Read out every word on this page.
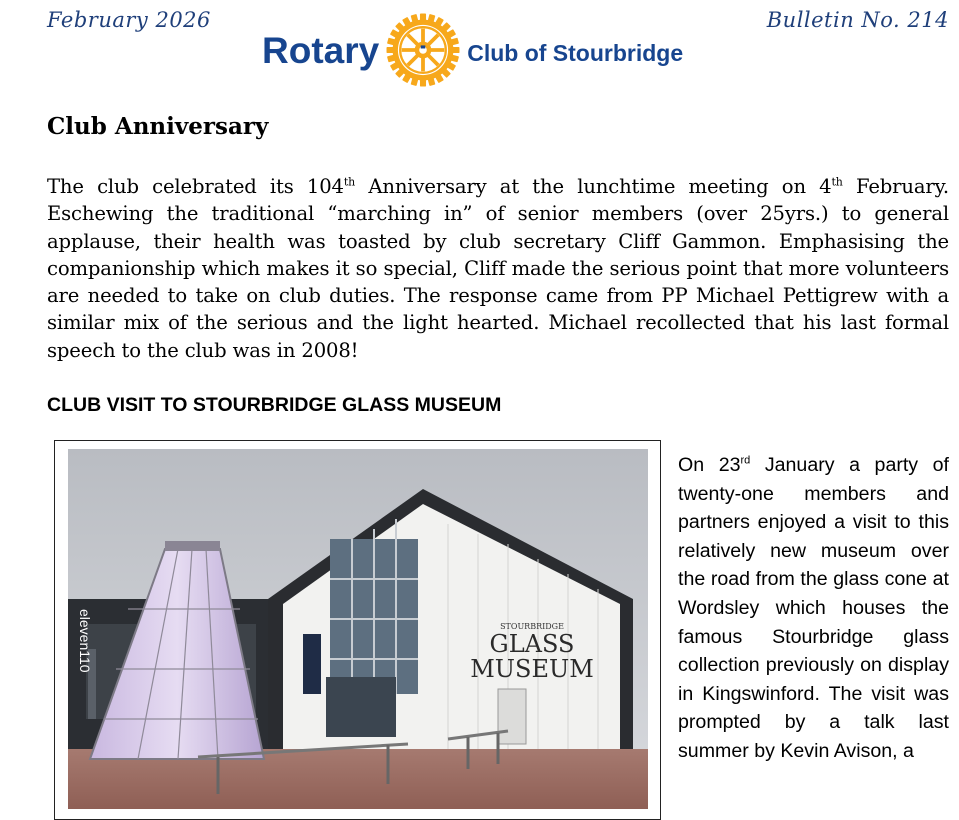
February 2026	Bulletin No. 214
Rotary	Club of Stourbridge
Club Anniversary

The club celebrated its 104th Anniversary at the lunchtime meeting on 4th February. Eschewing the traditional “marching in” of senior members (over 25yrs.) to general applause, their health was toasted by club secretary Cliff Gammon. Emphasising the companionship which makes it so special, Cliff made the serious point that more volunteers are needed to take on club duties. The response came from PP Michael Pettigrew with a similar mix of the serious and the light hearted. Michael recollected that his last formal speech to the club was in 2008!

CLUB VISIT TO STOURBRIDGE GLASS MUSEUM
STOURBRIDGE
GLASS
MUSEUM
eleven110

On 23rd January a party of twenty-one members and partners enjoyed a visit to this relatively new museum over the road from the glass cone at Wordsley which houses the famous Stourbridge glass collection previously on display in Kingswinford. The visit was prompted by a talk last summer by Kevin Avison, a
